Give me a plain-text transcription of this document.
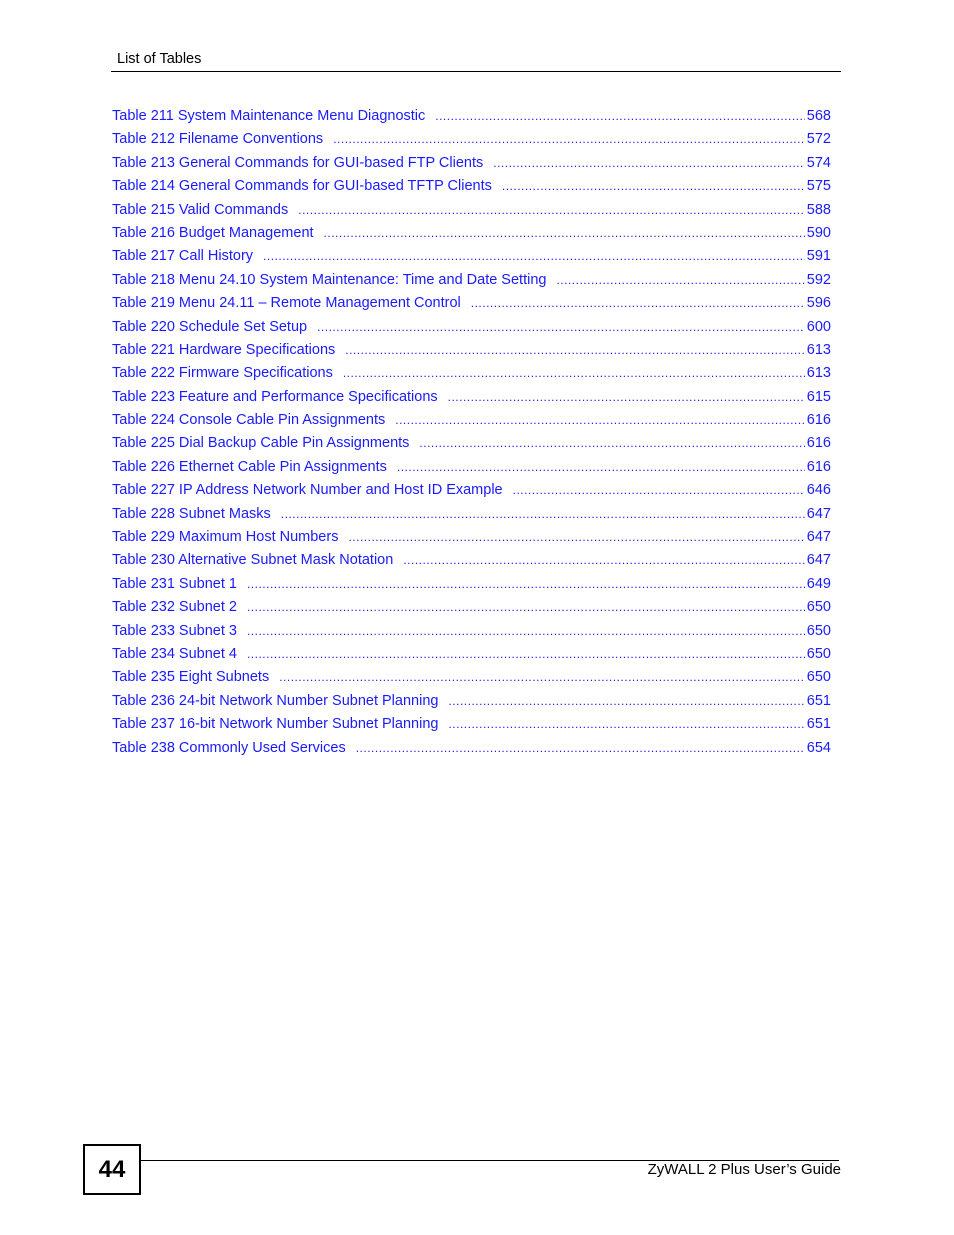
List of Tables
Table 211 System Maintenance Menu Diagnostic .....	568
Table 212 Filename Conventions .....	572
Table 213 General Commands for GUI-based FTP Clients .....	574
Table 214 General Commands for GUI-based TFTP Clients .....	575
Table 215 Valid Commands .....	588
Table 216 Budget Management .....	590
Table 217 Call History .....	591
Table 218 Menu 24.10 System Maintenance: Time and Date Setting .....	592
Table 219 Menu 24.11 – Remote Management Control .....	596
Table 220 Schedule Set Setup .....	600
Table 221 Hardware Specifications .....	613
Table 222 Firmware Specifications .....	613
Table 223 Feature and Performance Specifications .....	615
Table 224 Console Cable Pin Assignments .....	616
Table 225 Dial Backup Cable Pin Assignments .....	616
Table 226 Ethernet Cable Pin Assignments .....	616
Table 227 IP Address Network Number and Host ID Example .....	646
Table 228 Subnet Masks .....	647
Table 229 Maximum Host Numbers .....	647
Table 230 Alternative Subnet Mask Notation .....	647
Table 231 Subnet 1 .....	649
Table 232 Subnet 2 .....	650
Table 233 Subnet 3 .....	650
Table 234 Subnet 4 .....	650
Table 235 Eight Subnets .....	650
Table 236 24-bit Network Number Subnet Planning .....	651
Table 237 16-bit Network Number Subnet Planning .....	651
Table 238 Commonly Used Services .....	654
44	ZyWALL 2 Plus User’s Guide
